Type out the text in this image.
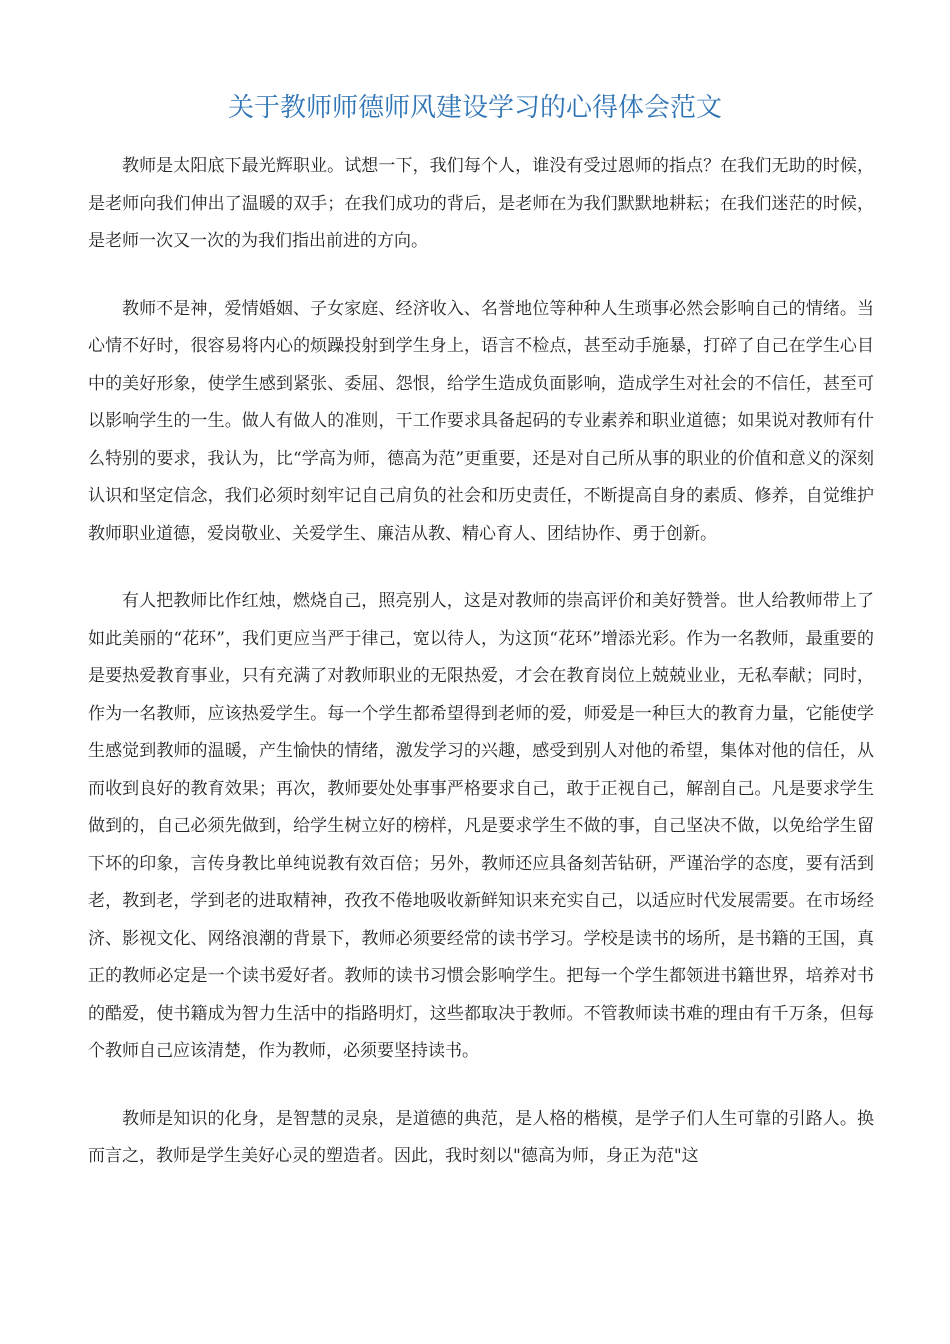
关于教师师德师风建设学习的心得体会范文

教师是太阳底下最光辉职业。试想一下，我们每个人，谁没有受过恩师的指点？在我们无助的时候，是老师向我们伸出了温暖的双手；在我们成功的背后，是老师在为我们默默地耕耘；在我们迷茫的时候，是老师一次又一次的为我们指出前进的方向。

教师不是神，爱情婚姻、子女家庭、经济收入、名誉地位等种种人生琐事必然会影响自己的情绪。当心情不好时，很容易将内心的烦躁投射到学生身上，语言不检点，甚至动手施暴，打碎了自己在学生心目中的美好形象，使学生感到紧张、委屈、怨恨，给学生造成负面影响，造成学生对社会的不信任，甚至可以影响学生的一生。做人有做人的准则，干工作要求具备起码的专业素养和职业道德；如果说对教师有什么特别的要求，我认为，比“学高为师，德高为范”更重要，还是对自己所从事的职业的价值和意义的深刻认识和坚定信念，我们必须时刻牢记自己肩负的社会和历史责任，不断提高自身的素质、修养，自觉维护教师职业道德，爱岗敬业、关爱学生、廉洁从教、精心育人、团结协作、勇于创新。

有人把教师比作红烛，燃烧自己，照亮别人，这是对教师的崇高评价和美好赞誉。世人给教师带上了如此美丽的“花环”，我们更应当严于律己，宽以待人，为这顶“花环”增添光彩。作为一名教师，最重要的是要热爱教育事业，只有充满了对教师职业的无限热爱，才会在教育岗位上兢兢业业，无私奉献；同时，作为一名教师，应该热爱学生。每一个学生都希望得到老师的爱，师爱是一种巨大的教育力量，它能使学生感觉到教师的温暖，产生愉快的情绪，激发学习的兴趣，感受到别人对他的希望，集体对他的信任，从而收到良好的教育效果；再次，教师要处处事事严格要求自己，敢于正视自己，解剖自己。凡是要求学生做到的，自己必须先做到，给学生树立好的榜样，凡是要求学生不做的事，自己坚决不做，以免给学生留下坏的印象，言传身教比单纯说教有效百倍；另外，教师还应具备刻苦钻研，严谨治学的态度，要有活到老，教到老，学到老的进取精神，孜孜不倦地吸收新鲜知识来充实自己，以适应时代发展需要。在市场经济、影视文化、网络浪潮的背景下，教师必须要经常的读书学习。学校是读书的场所，是书籍的王国，真正的教师必定是一个读书爱好者。教师的读书习惯会影响学生。把每一个学生都领进书籍世界，培养对书的酷爱，使书籍成为智力生活中的指路明灯，这些都取决于教师。不管教师读书难的理由有千万条，但每个教师自己应该清楚，作为教师，必须要坚持读书。

教师是知识的化身，是智慧的灵泉，是道德的典范，是人格的楷模，是学子们人生可靠的引路人。换而言之，教师是学生美好心灵的塑造者。因此，我时刻以"德高为师，身正为范"这
